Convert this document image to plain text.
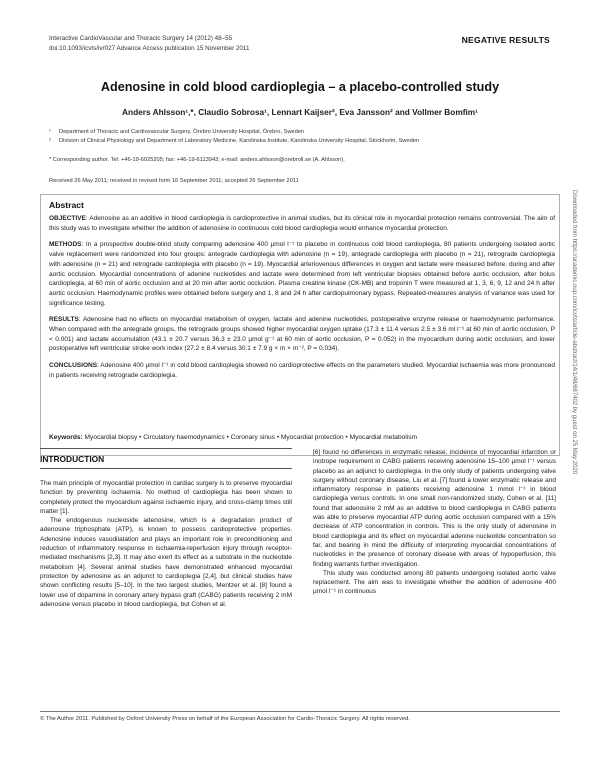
Interactive CardioVascular and Thoracic Surgery 14 (2012) 48–55
doi:10.1093/icvts/ivr027 Advance Access publication 15 November 2011
NEGATIVE RESULTS
Adenosine in cold blood cardioplegia – a placebo-controlled study
Anders Ahlsson¹,*, Claudio Sobrosa¹, Lennart Kaijser², Eva Jansson² and Vollmer Bomfim¹
¹	Department of Thoracic and Cardiovascular Surgery, Örebro University Hospital, Örebro, Sweden
²	Division of Clinical Physiology and Department of Laboratory Medicine, Karolinska Institute, Karolinska University Hospital, Stockholm, Sweden
* Corresponding author. Tel: +46-19-6025205; fax: +46-19-6113943; e-mail: anders.ahlsson@orebroll.se (A. Ahlsson).
Received 26 May 2011; received in revised form 16 September 2011; accepted 26 September 2011
Abstract

OBJECTIVE: Adenosine as an additive in blood cardioplegia is cardioprotective in animal studies, but its clinical role in myocardial protection remains controversial. The aim of this study was to investigate whether the addition of adenosine in continuous cold blood cardioplegia would enhance myocardial protection.

METHODS: In a prospective double-blind study comparing adenosine 400 µmol l⁻¹ to placebo in continuous cold blood cardioplegia, 80 patients undergoing isolated aortic valve replacement were randomized into four groups: antegrade cardioplegia with adenosine (n = 19), antegrade cardioplegia with placebo (n = 21), retrograde cardioplegia with adenosine (n = 21) and retrograde cardioplegia with placebo (n = 19). Myocardial arteriovenous differences in oxygen and lactate were measured before, during and after aortic occlusion. Myocardial concentrations of adenine nucleotides and lactate were determined from left ventricular biopsies obtained before aortic occlusion, after bolus cardioplegia, at 60 min of aortic occlusion and at 20 min after aortic occlusion. Plasma creatine kinase (CK-MB) and troponin T were measured at 1, 3, 6, 9, 12 and 24 h after aortic occlusion. Haemodynamic profiles were obtained before surgery and 1, 8 and 24 h after cardiopulmonary bypass. Repeated-measures analysis of variance was used for significance testing.

RESULTS: Adenosine had no effects on myocardial metabolism of oxygen, lactate and adenine nucleotides, postoperative enzyme release or haemodynamic performance. When compared with the antegrade groups, the retrograde groups showed higher myocardial oxygen uptake (17.3 ± 11.4 versus 2.5 ± 3.6 ml l⁻¹ at 60 min of aortic occlusion, P < 0.001) and lactate accumulation (43.1 ± 20.7 versus 36.3 ± 23.0 µmol g⁻¹ at 60 min of aortic occlusion, P = 0.052) in the myocardium during aortic occlusion, and lower postoperative left ventricular stroke work index (27.2 ± 8.4 versus 30.1 ± 7.9 g × m × m⁻², P = 0.034).

CONCLUSIONS: Adenosine 400 µmol l⁻¹ in cold blood cardioplegia showed no cardioprotective effects on the parameters studied. Myocardial ischaemia was more pronounced in patients receiving retrograde cardioplegia.

Keywords: Myocardial biopsy • Circulatory haemodynamics • Coronary sinus • Myocardial protection • Myocardial metabolism
INTRODUCTION

The main principle of myocardial protection in cardiac surgery is to preserve myocardial function by preventing ischaemia. No method of cardioplegia has been shown to completely protect the myocardium against ischaemic injury, and cross-clamp times still matter [1].

The endogenous nucleoside adenosine, which is a degradation product of adenosine triphosphate (ATP), is known to possess cardioprotective properties. Adenosine induces vasodilatation and plays an important role in preconditioning and reduction of inflammatory response in ischaemia-reperfusion injury through receptor-mediated mechanisms [2,3]. It may also exert its effect as a substrate in the nucleotide metabolism [4]. Several animal studies have demonstrated enhanced myocardial protection by adenosine as an adjunct to cardioplegia [2,4], but clinical studies have shown conflicting results [5–10]. In the two largest studies, Mentzer et al. [8] found a lower use of dopamine in coronary artery bypass graft (CABG) patients receiving 2 mM adenosine versus placebo in blood cardioplegia, but Cohen et al.

[6] found no differences in enzymatic release, incidence of myocardial infarction or inotrope requirement in CABG patients receiving adenosine 15–100 µmol l⁻¹ versus placebo as an adjunct to cardioplegia. In the only study of patients undergoing valve surgery without coronary disease, Liu et al. [7] found a lower enzymatic release and inflammatory response in patients receiving adenosine 1 mmol l⁻¹ in blood cardioplegia versus controls. In one small non-randomized study, Cohen et al. [11] found that adenosine 2 mM as an additive to blood cardioplegia in CABG patients was able to preserve myocardial ATP during aortic occlusion compared with a 15% decrease of ATP concentration in controls. This is the only study of adenosine in blood cardioplegia and its effect on myocardial adenine nucleotide concentration so far, and bearing in mind the difficulty of interpreting myocardial concentrations of nucleotides in the presence of coronary disease with areas of hypoperfusion, this finding warrants further investigation.

This study was conducted among 80 patients undergoing isolated aortic valve replacement. The aim was to investigate whether the addition of adenosine 400 µmol l⁻¹ in continuous

© The Author 2011. Published by Oxford University Press on behalf of the European Association for Cardio-Thoracic Surgery. All rights reserved.
Downloaded from https://academic.oup.com/icvts/article-abstract/14/1/48/687402 by guest on 25 May 2020
